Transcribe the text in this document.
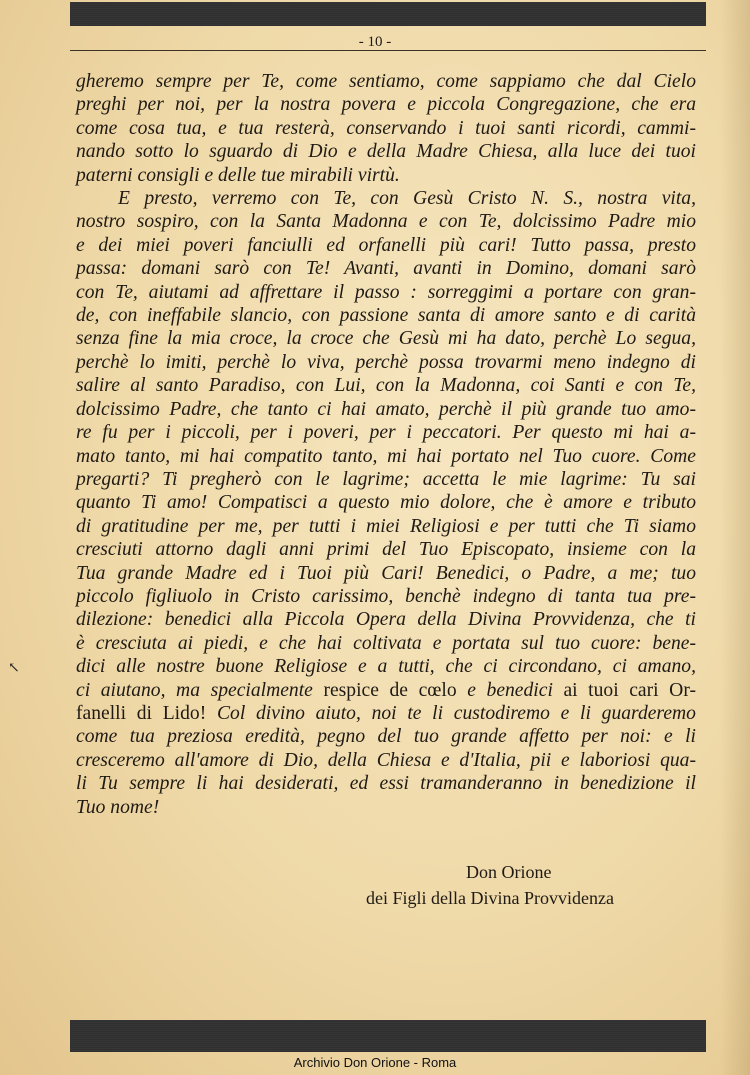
- 10 -
gheremo sempre per Te, come sentiamo, come sappiamo che dal Cielo
preghi per noi, per la nostra povera e piccola Congregazione, che era
come cosa tua, e tua resterà, conservando i tuoi santi ricordi, cammi-
nando sotto lo sguardo di Dio e della Madre Chiesa, alla luce dei tuoi
paterni consigli e delle tue mirabili virtù.
E presto, verremo con Te, con Gesù Cristo N. S., nostra vita,
nostro sospiro, con la Santa Madonna e con Te, dolcissimo Padre mio
e dei miei poveri fanciulli ed orfanelli più cari! Tutto passa, presto
passa: domani sarò con Te! Avanti, avanti in Domino, domani sarò
con Te, aiutami ad affrettare il passo : sorreggimi a portare con gran-
de, con ineffabile slancio, con passione santa di amore santo e di carità
senza fine la mia croce, la croce che Gesù mi ha dato, perchè Lo segua,
perchè lo imiti, perchè lo viva, perchè possa trovarmi meno indegno di
salire al santo Paradiso, con Lui, con la Madonna, coi Santi e con Te,
dolcissimo Padre, che tanto ci hai amato, perchè il più grande tuo amo-
re fu per i piccoli, per i poveri, per i peccatori. Per questo mi hai a-
mato tanto, mi hai compatito tanto, mi hai portato nel Tuo cuore. Come
pregarti? Ti pregherò con le lagrime; accetta le mie lagrime: Tu sai
quanto Ti amo! Compatisci a questo mio dolore, che è amore e tributo
di gratitudine per me, per tutti i miei Religiosi e per tutti che Ti siamo
cresciuti attorno dagli anni primi del Tuo Episcopato, insieme con la
Tua grande Madre ed i Tuoi più Cari! Benedici, o Padre, a me; tuo
piccolo figliuolo in Cristo carissimo, benchè indegno di tanta tua pre-
dilezione: benedici alla Piccola Opera della Divina Provvidenza, che ti
è cresciuta ai piedi, e che hai coltivata e portata sul tuo cuore: bene-
dici alle nostre buone Religiose e a tutti, che ci circondano, ci amano,
ci aiutano, ma specialmente respice de cœlo e benedici ai tuoi cari Or-
fanelli di Lido! Col divino aiuto, noi te li custodiremo e li guarderemo
come tua preziosa eredità, pegno del tuo grande affetto per noi: e li
cresceremo all'amore di Dio, della Chiesa e d'Italia, pii e laboriosi qua-
li Tu sempre li hai desiderati, ed essi tramanderanno in benedizione il
Tuo nome!
Don Orione
dei Figli della Divina Provvidenza
↖
Archivio Don Orione - Roma
